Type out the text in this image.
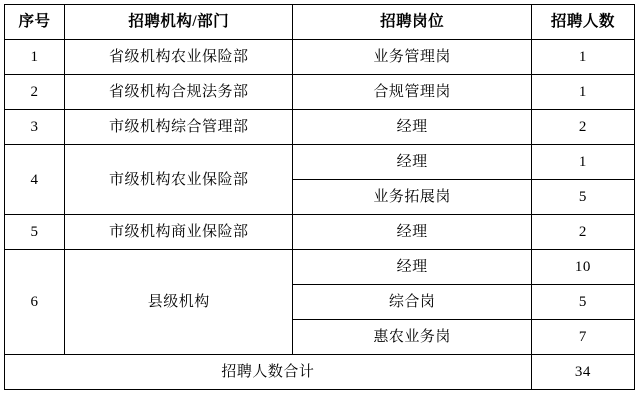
序号	招聘机构/部门	招聘岗位	招聘人数
1	省级机构农业保险部	业务管理岗	1
2	省级机构合规法务部	合规管理岗	1
3	市级机构综合管理部	经理	2
4	市级机构农业保险部	经理	1
		业务拓展岗	5
5	市级机构商业保险部	经理	2
6	县级机构	经理	10
		综合岗	5
		惠农业务岗	7
招聘人数合计			34
